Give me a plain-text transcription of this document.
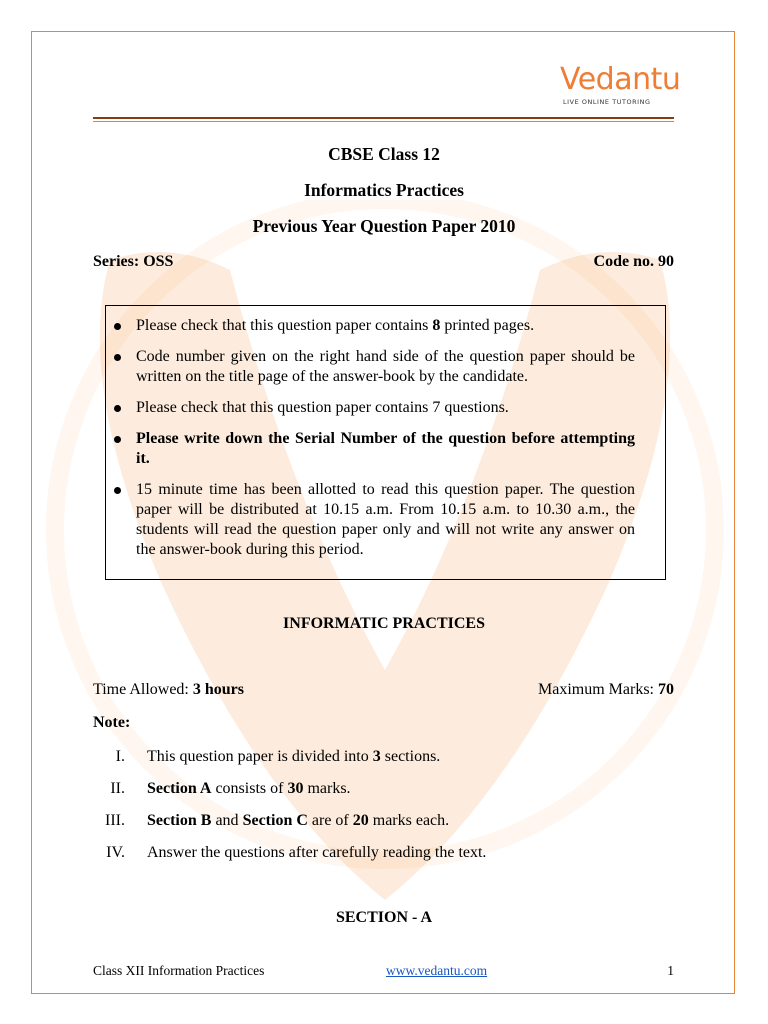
Vedantu
LIVE ONLINE TUTORING
CBSE Class 12
Informatics Practices
Previous Year Question Paper 2010
Series: OSS	Code no. 90
Please check that this question paper contains 8 printed pages.
Code number given on the right hand side of the question paper should be written on the title page of the answer-book by the candidate.
Please check that this question paper contains 7 questions.
Please write down the Serial Number of the question before attempting it.
15 minute time has been allotted to read this question paper. The question paper will be distributed at 10.15 a.m. From 10.15 a.m. to 10.30 a.m., the students will read the question paper only and will not write any answer on the answer-book during this period.
INFORMATIC PRACTICES
Time Allowed: 3 hours	Maximum Marks: 70
Note:
I. This question paper is divided into 3 sections.
II. Section A consists of 30 marks.
III. Section B and Section C are of 20 marks each.
IV. Answer the questions after carefully reading the text.
SECTION - A
Class XII Information Practices	www.vedantu.com	1
